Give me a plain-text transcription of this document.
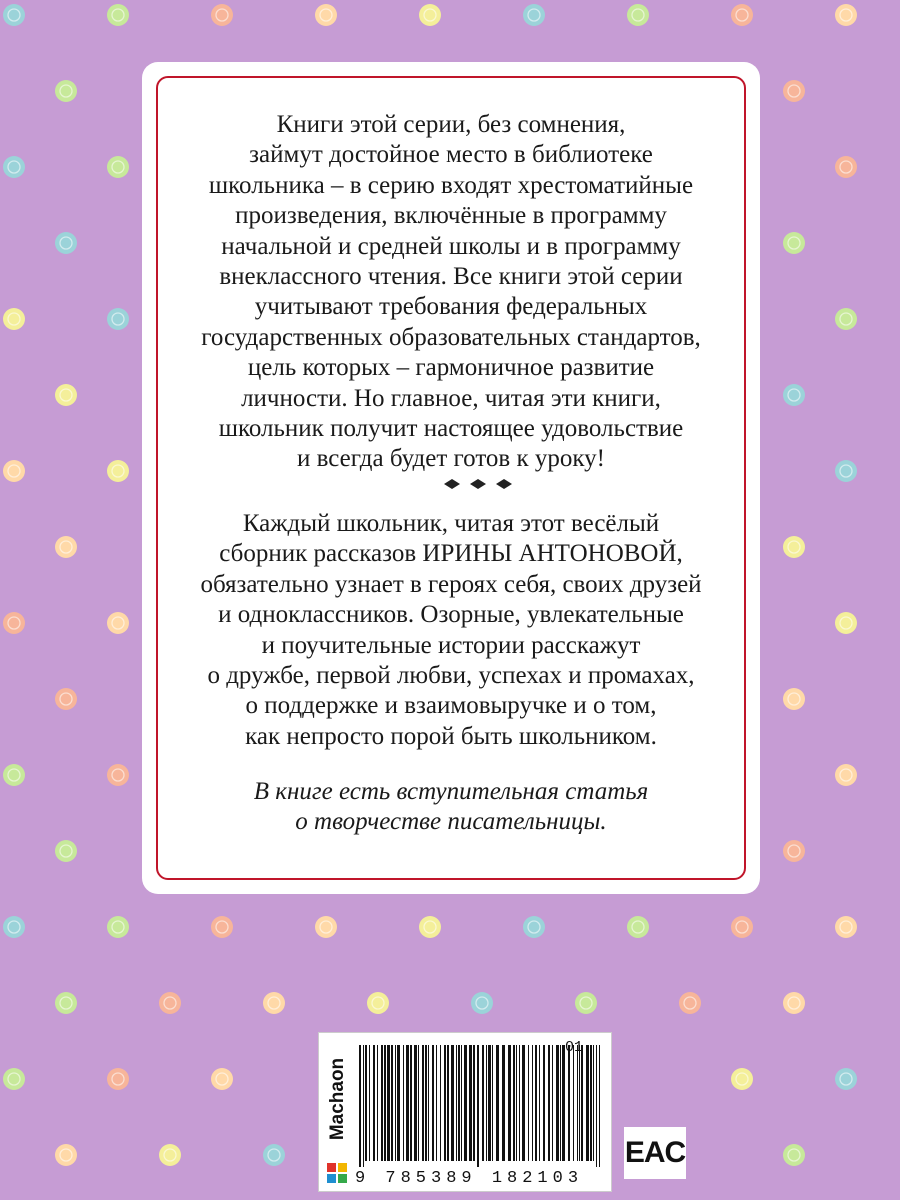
Книги этой серии, без сомнения,
займут достойное место в библиотеке
школьника – в серию входят хрестоматийные
произведения, включённые в программу
начальной и средней школы и в программу
внеклассного чтения. Все книги этой серии
учитывают требования федеральных
государственных образовательных стандартов,
цель которых – гармоничное развитие
личности. Но главное, читая эти книги,
школьник получит настоящее удовольствие
и всегда будет готов к уроку!
Каждый школьник, читая этот весёлый
сборник рассказов ИРИНЫ АНТОНОВОЙ,
обязательно узнает в героях себя, своих друзей
и одноклассников. Озорные, увлекательные
и поучительные истории расскажут
о дружбе, первой любви, успехах и промахах,
о поддержке и взаимовыручке и о том,
как непросто порой быть школьником.
В книге есть вступительная статья
о творчестве писательницы.
Machaon
01
9 785389 182103
EAC
